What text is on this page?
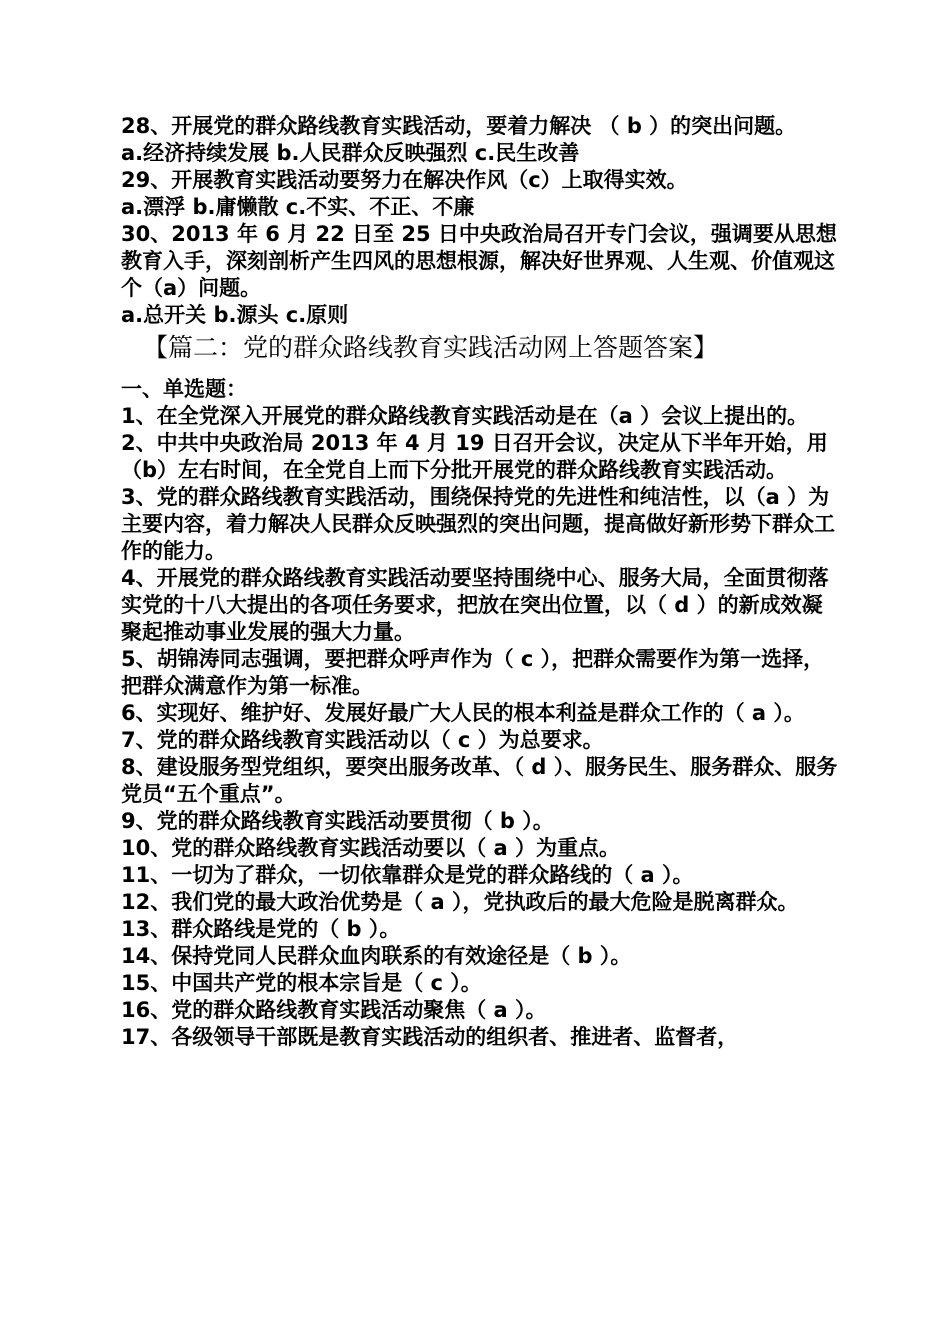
28、开展党的群众路线教育实践活动，要着力解决 （ b ）的突出问题。

a.经济持续发展 b.人民群众反映强烈 c.民生改善

29、开展教育实践活动要努力在解决作风（c）上取得实效。

a.漂浮 b.庸懒散 c.不实、不正、不廉

30、2013 年 6 月 22 日至 25 日中央政治局召开专门会议，强调要从思想教育入手，深刻剖析产生四风的思想根源，解决好世界观、人生观、价值观这个（a）问题。

a.总开关 b.源头 c.原则

【篇二：党的群众路线教育实践活动网上答题答案】

一、单选题：

1、在全党深入开展党的群众路线教育实践活动是在（a ）会议上提出的。

2、中共中央政治局 2013 年 4 月 19 日召开会议，决定从下半年开始，用（b）左右时间，在全党自上而下分批开展党的群众路线教育实践活动。

3、党的群众路线教育实践活动，围绕保持党的先进性和纯洁性，以（a ）为主要内容，着力解决人民群众反映强烈的突出问题，提高做好新形势下群众工作的能力。

4、开展党的群众路线教育实践活动要坚持围绕中心、服务大局，全面贯彻落实党的十八大提出的各项任务要求，把放在突出位置，以（ d ）的新成效凝聚起推动事业发展的强大力量。

5、胡锦涛同志强调，要把群众呼声作为（ c ），把群众需要作为第一选择，把群众满意作为第一标准。

6、实现好、维护好、发展好最广大人民的根本利益是群众工作的（ a ）。

7、党的群众路线教育实践活动以（ c ）为总要求。

8、建设服务型党组织，要突出服务改革、（ d ）、服务民生、服务群众、服务党员“五个重点”。

9、党的群众路线教育实践活动要贯彻（ b ）。

10、党的群众路线教育实践活动要以（ a ）为重点。

11、一切为了群众，一切依靠群众是党的群众路线的（ a ）。

12、我们党的最大政治优势是（ a ），党执政后的最大危险是脱离群众。

13、群众路线是党的（ b ）。

14、保持党同人民群众血肉联系的有效途径是（ b ）。

15、中国共产党的根本宗旨是（ c ）。

16、党的群众路线教育实践活动聚焦（ a ）。

17、各级领导干部既是教育实践活动的组织者、推进者、监督者，
